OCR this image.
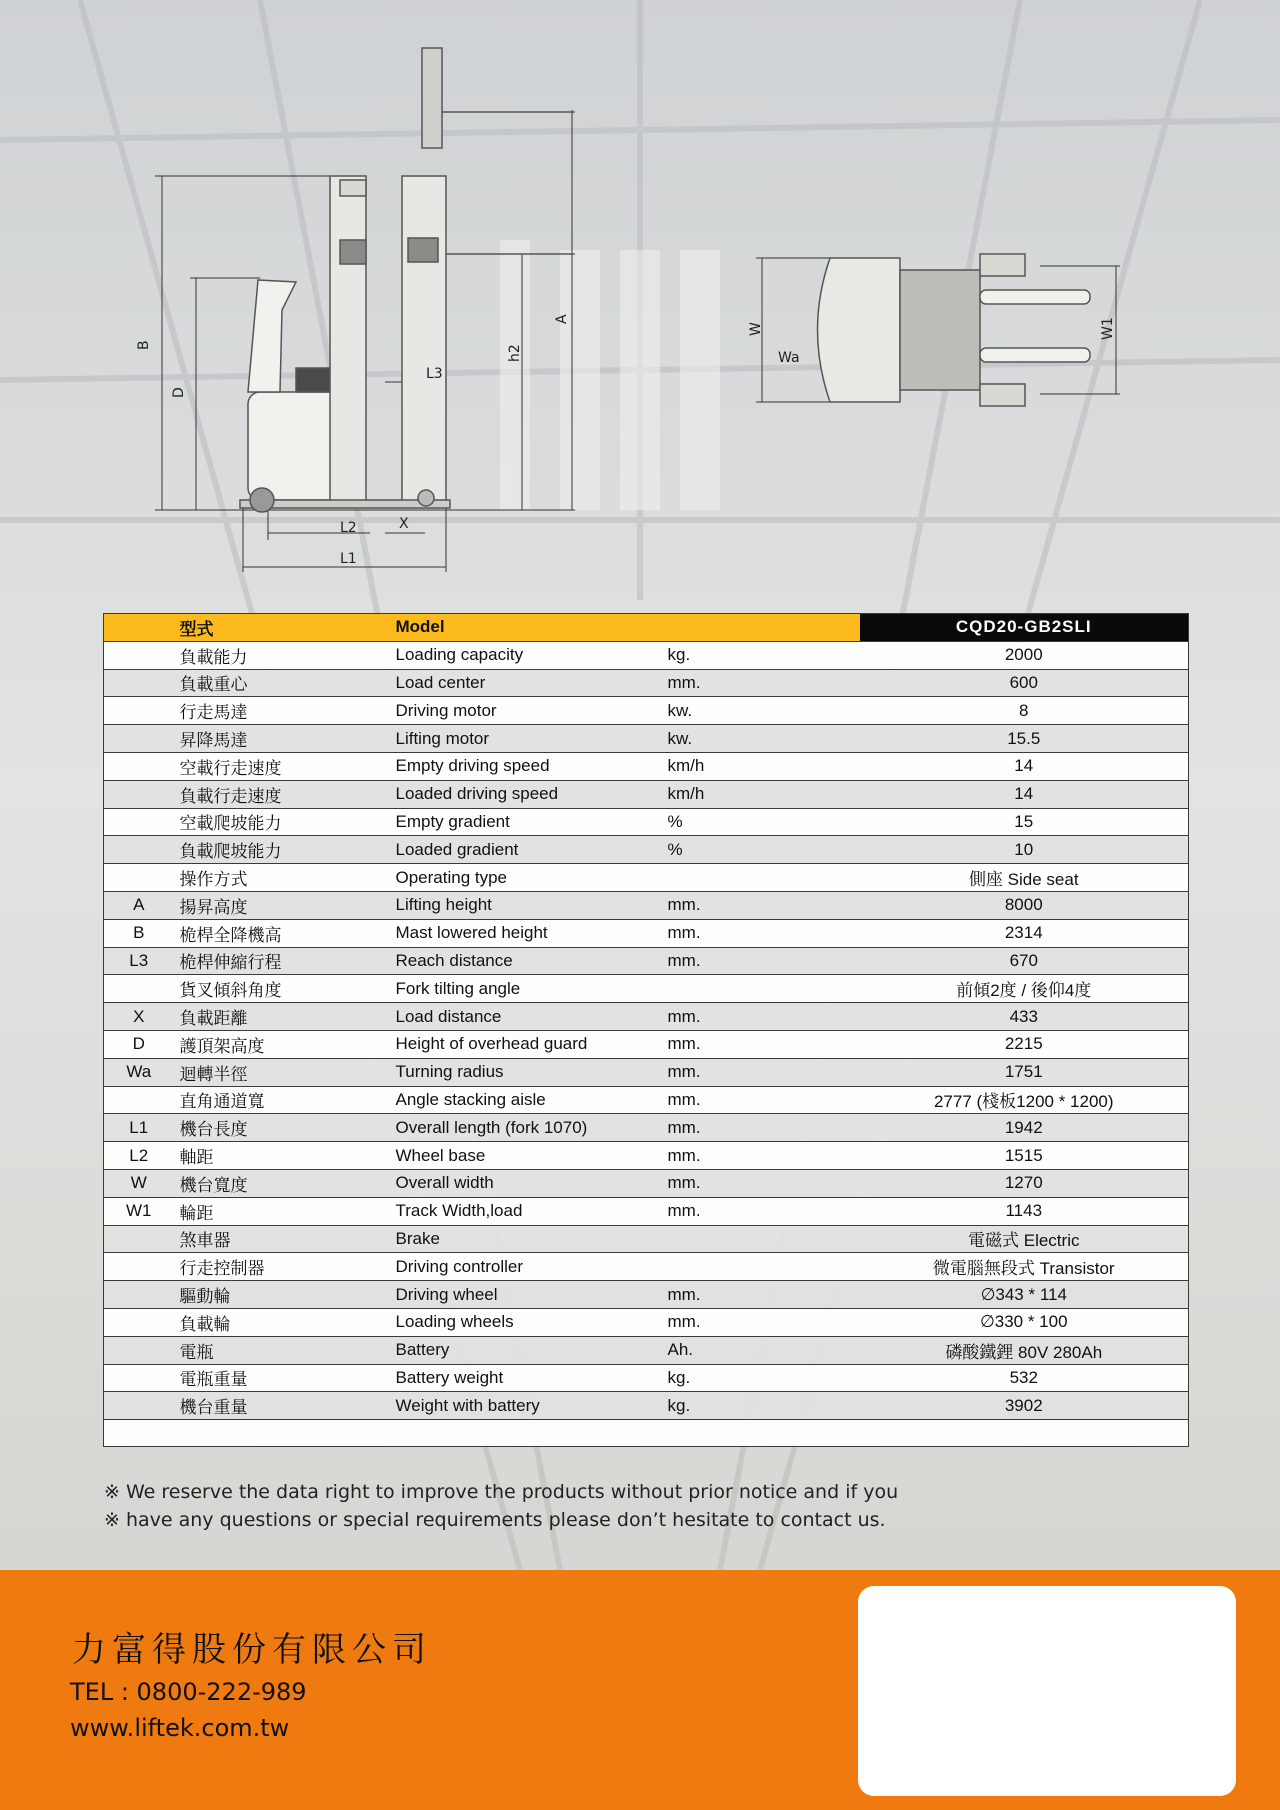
B
D
L3
h2
A
L2	X
L1
W
Wa
W1
	型式	Model		CQD20-GB2SLI
	負載能力	Loading capacity	kg.	2000
	負載重心	Load center	mm.	600
	行走馬達	Driving motor	kw.	8
	昇降馬達	Lifting motor	kw.	15.5
	空載行走速度	Empty driving speed	km/h	14
	負載行走速度	Loaded driving speed	km/h	14
	空載爬坡能力	Empty gradient	%	15
	負載爬坡能力	Loaded gradient	%	10
	操作方式	Operating type		側座 Side seat
A	揚昇高度	Lifting height	mm.	8000
B	桅桿全降機高	Mast lowered height	mm.	2314
L3	桅桿伸縮行程	Reach distance	mm.	670
	貨叉傾斜角度	Fork tilting angle		前傾2度 / 後仰4度
X	負載距離	Load distance	mm.	433
D	護頂架高度	Height of overhead guard	mm.	2215
Wa	迴轉半徑	Turning radius	mm.	1751
	直角通道寬	Angle stacking aisle	mm.	2777 (棧板1200 * 1200)
L1	機台長度	Overall length (fork 1070)	mm.	1942
L2	軸距	Wheel base	mm.	1515
W	機台寬度	Overall width	mm.	1270
W1	輪距	Track Width,load	mm.	1143
	煞車器	Brake		電磁式 Electric
	行走控制器	Driving controller		微電腦無段式 Transistor
	驅動輪	Driving wheel	mm.	∅343 * 114
	負載輪	Loading wheels	mm.	∅330 * 100
	電瓶	Battery	Ah.	磷酸鐵鋰 80V 280Ah
	電瓶重量	Battery weight	kg.	532
	機台重量	Weight with battery	kg.	3902

※ We reserve the data right to improve the products without prior notice and if you
※ have any questions or special requirements please don’t hesitate to contact us.
力富得股份有限公司
TEL : 0800-222-989
www.liftek.com.tw
